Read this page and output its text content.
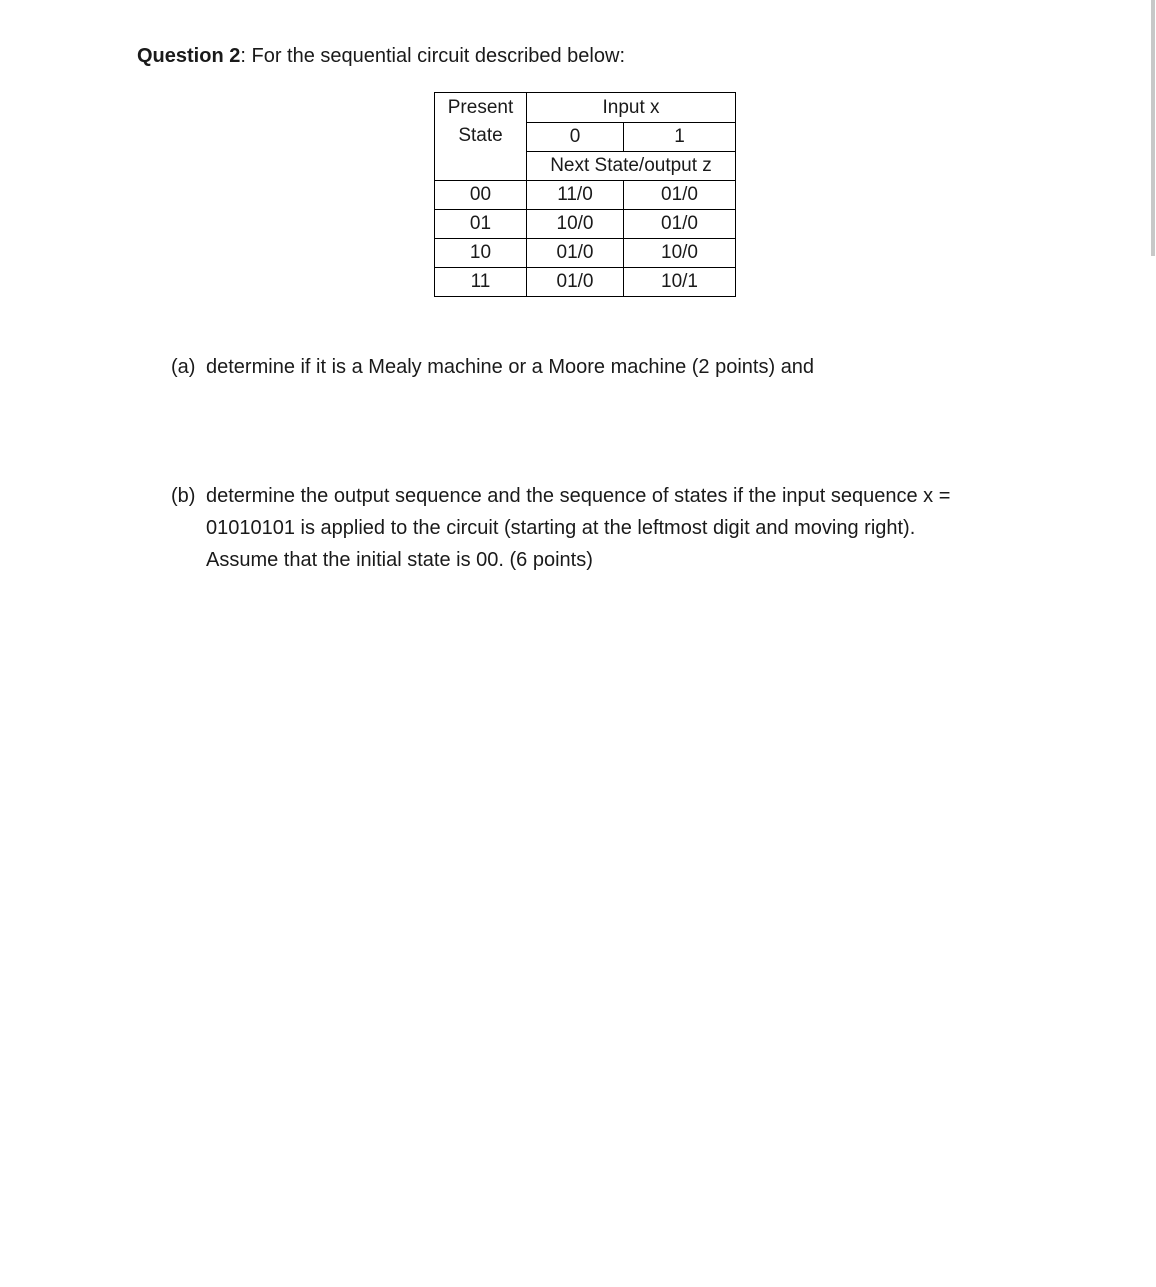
Question 2: For the sequential circuit described below:
Present
State	Input x	
	0	1
	Next State/output z	
00	11/0	01/0
01	10/0	01/0
10	01/0	10/0
11	01/0	10/1
(a) determine if it is a Mealy machine or a Moore machine (2 points) and
(b) determine the output sequence and the sequence of states if the input sequence x =
01010101 is applied to the circuit (starting at the leftmost digit and moving right).
Assume that the initial state is 00. (6 points)
